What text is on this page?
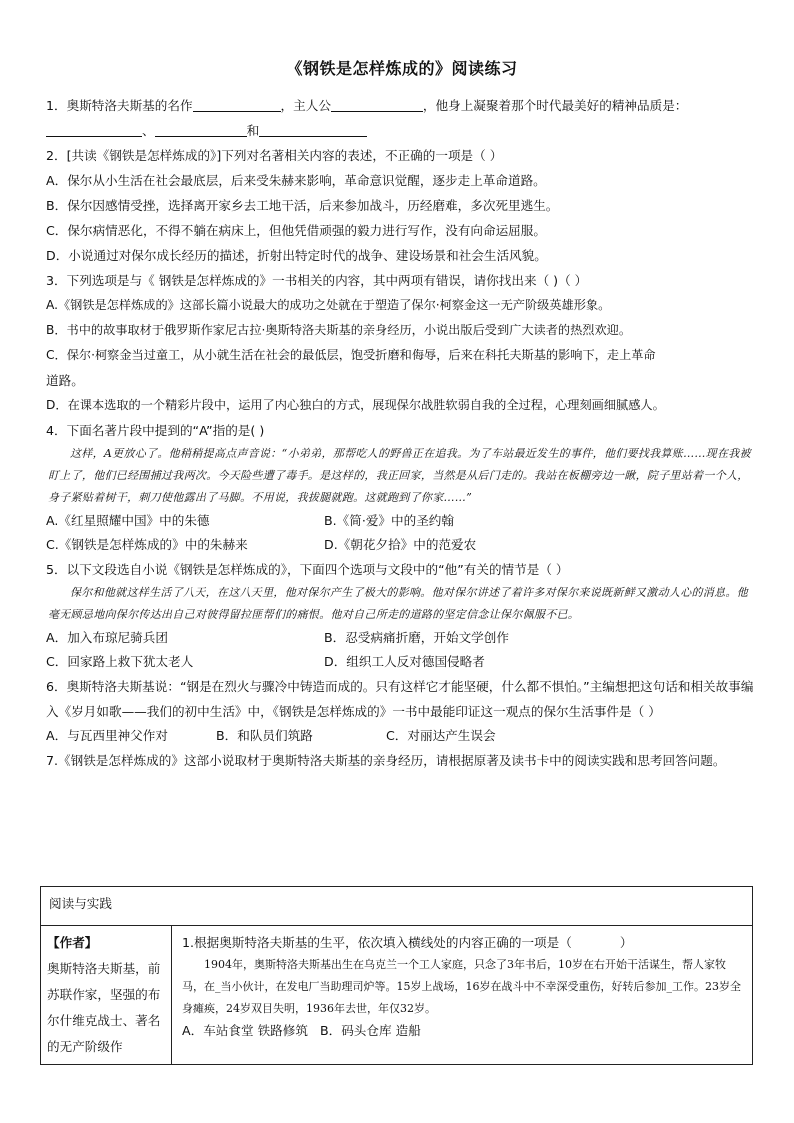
《钢铁是怎样炼成的》阅读练习
1．奥斯特洛夫斯基的名作	，主人公	，他身上凝聚着那个时代最美好的精神品质是：
、	和
2．[共读《钢铁是怎样炼成的》]下列对名著相关内容的表述，不正确的一项是（ ）
A．保尔从小生活在社会最底层，后来受朱赫来影响，革命意识觉醒，逐步走上革命道路。
B．保尔因感情受挫，选择离开家乡去工地干活，后来参加战斗，历经磨难，多次死里逃生。
C．保尔病情恶化，不得不躺在病床上，但他凭借顽强的毅力进行写作，没有向命运屈服。
D．小说通过对保尔成长经历的描述，折射出特定时代的战争、建设场景和社会生活风貌。
3．下列选项是与《 钢铁是怎样炼成的》一书相关的内容，其中两项有错误，请你找出来（ )（ ）
A.《钢铁是怎样炼成的》这部长篇小说最大的成功之处就在于塑造了保尔·柯察金这一无产阶级英雄形象。
B．书中的故事取材于俄罗斯作家尼古拉·奥斯特洛夫斯基的亲身经历，小说出版后受到广大读者的热烈欢迎。
C．保尔·柯察金当过童工，从小就生活在社会的最低层，饱受折磨和侮辱，后来在科托夫斯基的影响下，走上革命
道路。
D．在课本选取的一个精彩片段中，运用了内心独白的方式，展现保尔战胜软弱自我的全过程，心理刻画细腻感人。
4．下面名著片段中提到的“A”指的是( )
这样，A更放心了。他稍稍提高点声音说：“小弟弟，那帮吃人的野兽正在追我。为了车站最近发生的事件，他们要找我算账……现在我被盯上了，他们已经围捕过我两次。今天险些遭了毒手。是这样的，我正回家，当然是从后门走的。我站在板棚旁边一瞅，院子里站着一个人，身子紧贴着树干，刺刀使他露出了马脚。不用说，我拔腿就跑。这就跑到了你家……”
A.《红星照耀中国》中的朱德	B.《简·爱》中的圣约翰
C.《钢铁是怎样炼成的》中的朱赫来	D.《朝花夕拾》中的范爱农
5．以下文段选自小说《钢铁是怎样炼成的》，下面四个选项与文段中的“他”有关的情节是（ ）
保尔和他就这样生活了八天，在这八天里，他对保尔产生了极大的影响。他对保尔讲述了着许多对保尔来说既新鲜又激动人心的消息。他毫无顾忌地向保尔传达出自己对彼得留拉匪帮们的痛恨。他对自己所走的道路的坚定信念让保尔佩服不已。
A．加入布琼尼骑兵团	B．忍受病痛折磨，开始文学创作
C．回家路上救下犹太老人	D．组织工人反对德国侵略者
6．奥斯特洛夫斯基说：“钢是在烈火与骤冷中铸造而成的。只有这样它才能坚硬，什么都不惧怕。”主编想把这句话和相关故事编入《岁月如歌——我们的初中生活》中，《钢铁是怎样炼成的》一书中最能印证这一观点的保尔生活事件是（ ）
A．与瓦西里神父作对	B．和队员们筑路	C．对丽达产生误会
7.《钢铁是怎样炼成的》这部小说取材于奥斯特洛夫斯基的亲身经历，请根据原著及读书卡中的阅读实践和思考回答问题。
阅读与实践
【作者】
奥斯特洛夫斯基，前苏联作家，坚强的布尔什维克战士、著名的无产阶级作	
1.根据奥斯特洛夫斯基的生平，依次填入横线处的内容正确的一项是（	）
1904年，奥斯特洛夫斯基出生在乌克兰一个工人家庭，只念了3年书后，10岁在右开始干活谋生，帮人家牧马，在_当小伙计，在发电厂当助理司炉等。15岁上战场，16岁在战斗中不幸深受重伤，好转后参加_工作。23岁全身瘫痪，24岁双目失明，1936年去世，年仅32岁。
A．车站食堂 铁路修筑 B．码头仓库 造船
